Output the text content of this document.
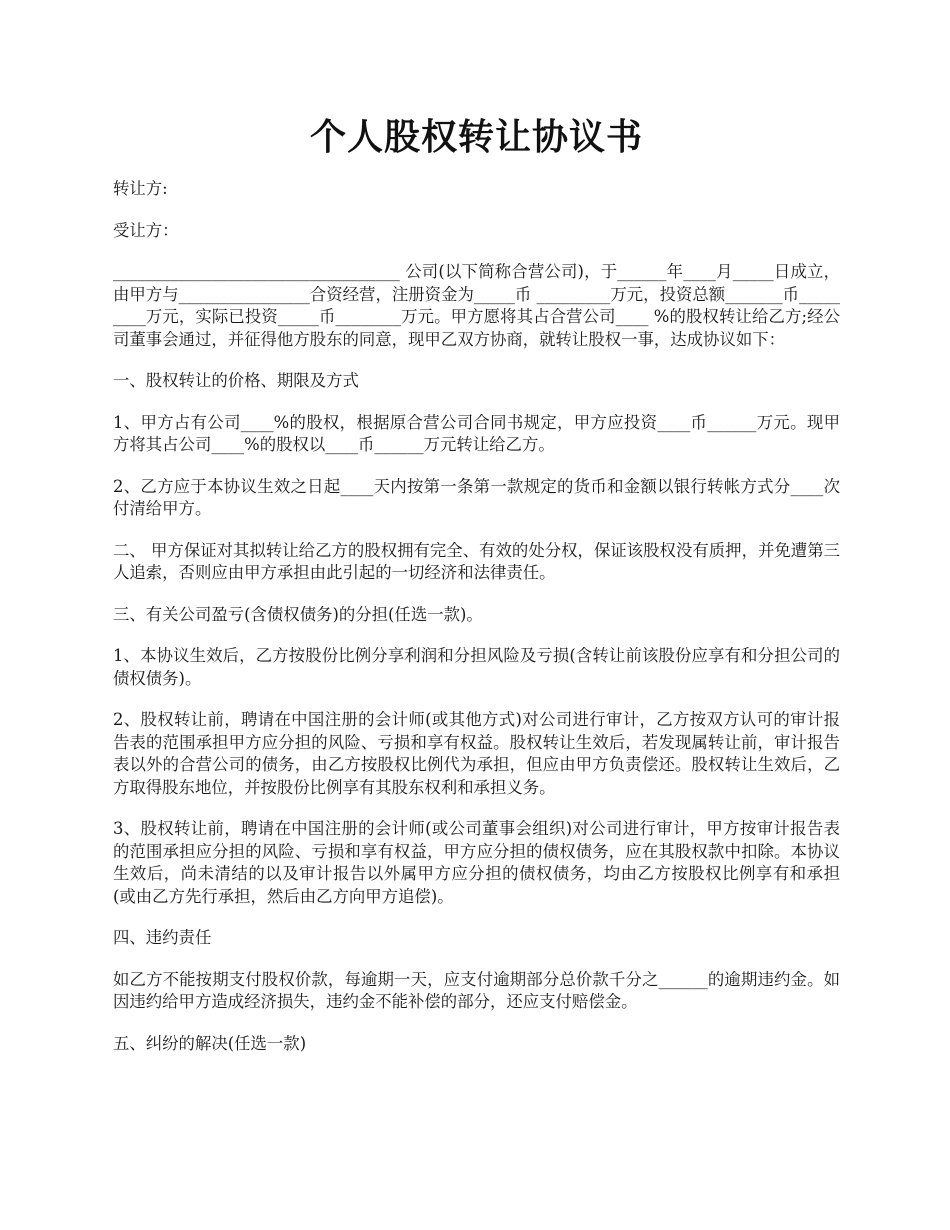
个人股权转让协议书

转让方:

受让方：

___________________________________ 公司(以下简称合营公司)，于______年____月_____日成立，由甲方与________________合资经营，注册资金为_____币 _________万元，投资总额_______币_________万元，实际已投资_____币________万元。甲方愿将其占合营公司____ %的股权转让给乙方;经公司董事会通过，并征得他方股东的同意，现甲乙双方协商，就转让股权一事，达成协议如下：

一、股权转让的价格、期限及方式

1、甲方占有公司____%的股权，根据原合营公司合同书规定，甲方应投资____币______万元。现甲方将其占公司____%的股权以____币______万元转让给乙方。

2、乙方应于本协议生效之日起____天内按第一条第一款规定的货币和金额以银行转帐方式分____次付清给甲方。

二、 甲方保证对其拟转让给乙方的股权拥有完全、有效的处分权，保证该股权没有质押，并免遭第三人追索，否则应由甲方承担由此引起的一切经济和法律责任。

三、有关公司盈亏(含债权债务)的分担(任选一款)。

1、本协议生效后，乙方按股份比例分享利润和分担风险及亏损(含转让前该股份应享有和分担公司的债权债务)。

2、股权转让前，聘请在中国注册的会计师(或其他方式)对公司进行审计，乙方按双方认可的审计报告表的范围承担甲方应分担的风险、亏损和享有权益。股权转让生效后，若发现属转让前，审计报告表以外的合营公司的债务，由乙方按股权比例代为承担，但应由甲方负责偿还。股权转让生效后，乙方取得股东地位，并按股份比例享有其股东权利和承担义务。

3、股权转让前，聘请在中国注册的会计师(或公司董事会组织)对公司进行审计，甲方按审计报告表的范围承担应分担的风险、亏损和享有权益，甲方应分担的债权债务，应在其股权款中扣除。本协议生效后，尚未清结的以及审计报告以外属甲方应分担的债权债务，均由乙方按股权比例享有和承担(或由乙方先行承担，然后由乙方向甲方追偿)。

四、违约责任

如乙方不能按期支付股权价款，每逾期一天，应支付逾期部分总价款千分之______的逾期违约金。如因违约给甲方造成经济损失，违约金不能补偿的部分，还应支付赔偿金。

五、纠纷的解决(任选一款)
